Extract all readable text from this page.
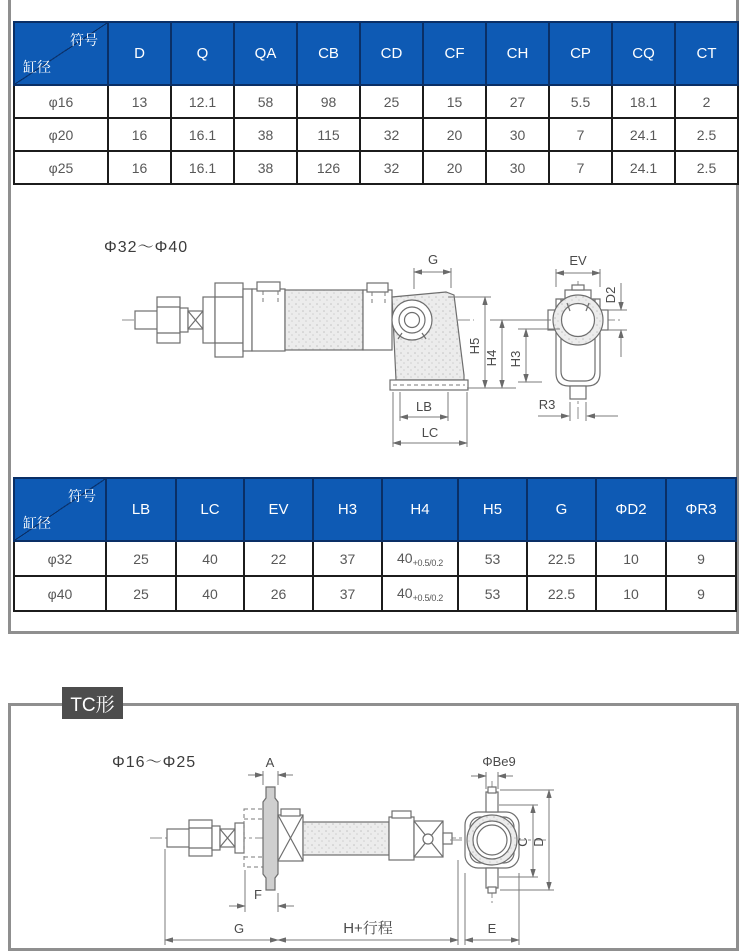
符号
缸径	D	Q	QA	CB	CD	CF	CH	CP	CQ	CT
φ16	13	12.1	58	98	25	15	27	5.5	18.1	2
φ20	16	16.1	38	115	32	20	30	7	24.1	2.5
φ25	16	16.1	38	126	32	20	30	7	24.1	2.5
Φ32～Φ40
G
H5
LB
LC
EV
D2
H4 H3
R3
符号
缸径	LB	LC	EV	H3	H4	H5	G	ΦD2	ΦR3
φ32	25	40	22	37	$40_{+0.5/0.2}$	53	22.5	10	9
φ40	25	40	26	37	$40_{+0.5/0.2}$	53	22.5	10	9
TC形
Φ16～Φ25	A
F
G	H+行程
ΦBe9
C D
E
